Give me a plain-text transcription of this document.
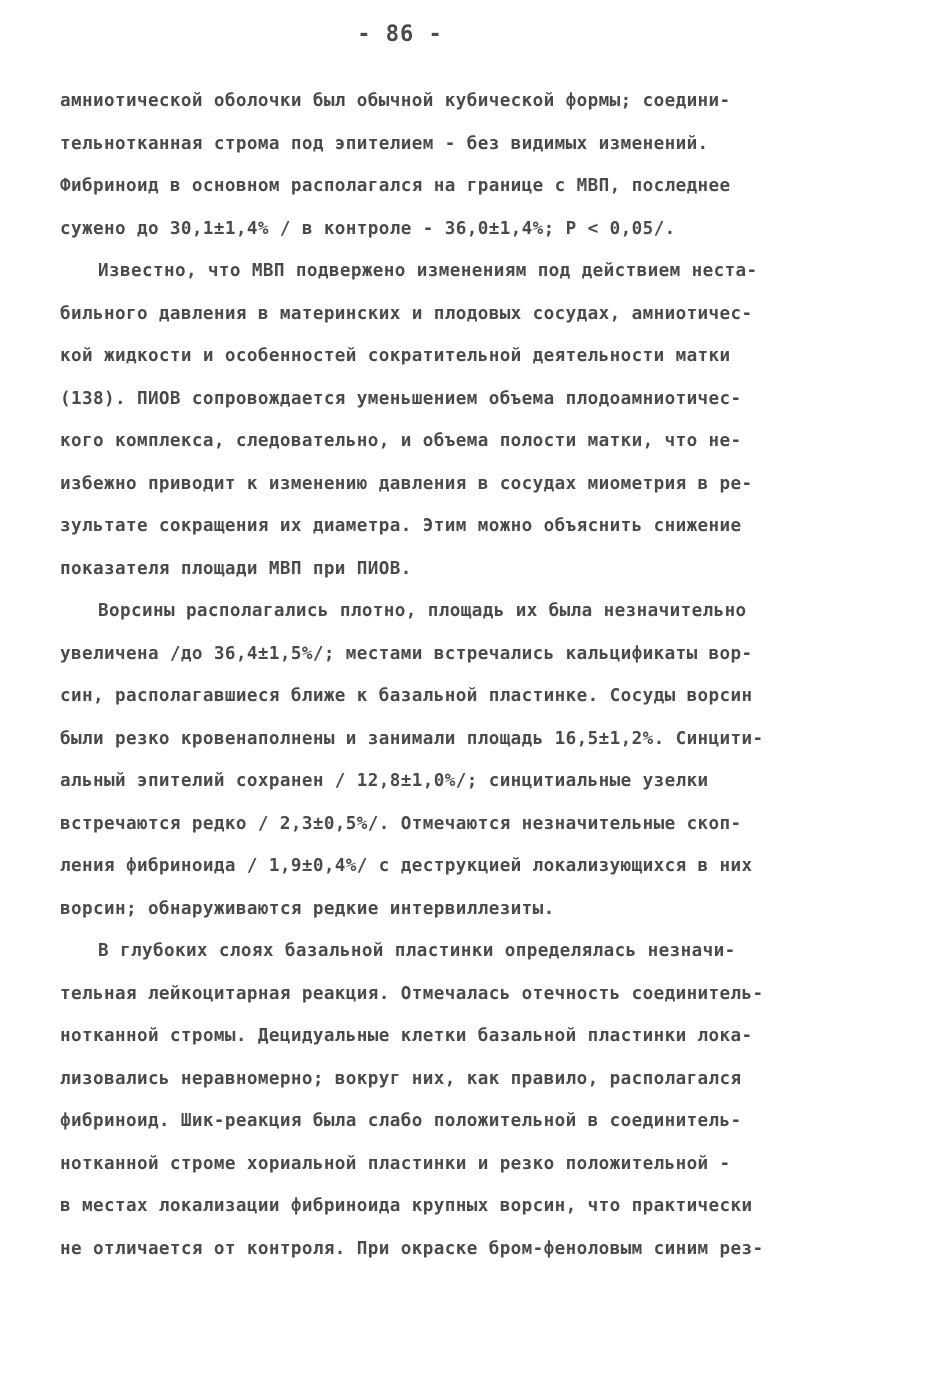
- 86 -
амниотической оболочки был обычной кубической формы; соедини-
тельнотканная строма под эпителием - без видимых изменений.
Фибриноид в основном располагался на границе с МВП, последнее
сужено до 30,1±1,4% / в контроле - 36,0±1,4%; Р < 0,05/.
Известно, что МВП подвержено изменениям под действием неста-
бильного давления в материнских и плодовых сосудах, амниотичес-
кой жидкости и особенностей сократительной деятельности матки
(138). ПИОВ сопровождается уменьшением объема плодоамниотичес-
кого комплекса, следовательно, и объема полости матки, что не-
избежно приводит к изменению давления в сосудах миометрия в ре-
зультате сокращения их диаметра. Этим можно объяснить снижение
показателя площади МВП при ПИОВ.
Ворсины располагались плотно, площадь их была незначительно
увеличена /до 36,4±1,5%/; местами встречались кальцификаты вор-
син, располагавшиеся ближе к базальной пластинке. Сосуды ворсин
были резко кровенаполнены и занимали площадь 16,5±1,2%. Синцити-
альный эпителий сохранен / 12,8±1,0%/; синцитиальные узелки
встречаются редко / 2,3±0,5%/. Отмечаются незначительные скоп-
ления фибриноида / 1,9±0,4%/ с деструкцией локализующихся в них
ворсин; обнаруживаются редкие интервиллезиты.
В глубоких слоях базальной пластинки определялась незначи-
тельная лейкоцитарная реакция. Отмечалась отечность соединитель-
нотканной стромы. Децидуальные клетки базальной пластинки лока-
лизовались неравномерно; вокруг них, как правило, располагался
фибриноид. Шик-реакция была слабо положительной в соединитель-
нотканной строме хориальной пластинки и резко положительной -
в местах локализации фибриноида крупных ворсин, что практически
не отличается от контроля. При окраске бром-феноловым синим рез-
